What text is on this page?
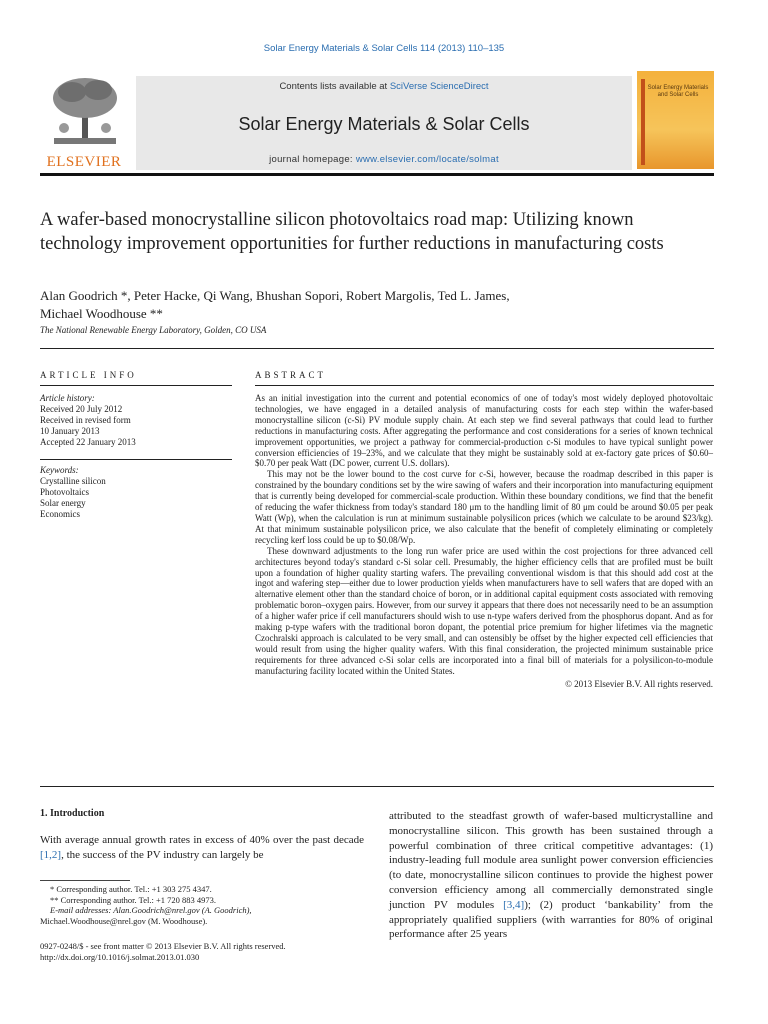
Solar Energy Materials & Solar Cells 114 (2013) 110–135
ELSEVIER
Contents lists available at SciVerse ScienceDirect
Solar Energy Materials & Solar Cells
journal homepage: www.elsevier.com/locate/solmat
Solar Energy Materials and Solar Cells
A wafer-based monocrystalline silicon photovoltaics road map: Utilizing known technology improvement opportunities for further reductions in manufacturing costs
Alan Goodrich *, Peter Hacke, Qi Wang, Bhushan Sopori, Robert Margolis, Ted L. James,
Michael Woodhouse **
The National Renewable Energy Laboratory, Golden, CO USA
ARTICLE INFO	ABSTRACT
Article history:
Received 20 July 2012
Received in revised form
10 January 2013
Accepted 22 January 2013
Keywords:
Crystalline silicon
Photovoltaics
Solar energy
Economics

As an initial investigation into the current and potential economics of one of today's most widely deployed photovoltaic technologies, we have engaged in a detailed analysis of manufacturing costs for each step within the wafer-based monocrystalline silicon (c-Si) PV module supply chain. At each step we find several pathways that could lead to further reductions in manufacturing costs. After aggregating the performance and cost considerations for a series of known technical improvement opportunities, we project a pathway for commercial-production c-Si modules to have typical sunlight power conversion efficiencies of 19–23%, and we calculate that they might be sustainably sold at ex-factory gate prices of $0.60–$0.70 per peak Watt (DC power, current U.S. dollars).

This may not be the lower bound to the cost curve for c-Si, however, because the roadmap described in this paper is constrained by the boundary conditions set by the wire sawing of wafers and their incorporation into manufacturing equipment that is currently being developed for commercial-scale production. Within these boundary conditions, we find that the benefit of reducing the wafer thickness from today's standard 180 μm to the handling limit of 80 μm could be around $0.05 per peak Watt (Wp), when the calculation is run at minimum sustainable polysilicon prices (which we calculate to be around $23/kg). At that minimum sustainable polysilicon price, we also calculate that the benefit of completely eliminating or completely recycling kerf loss could be up to $0.08/Wp.

These downward adjustments to the long run wafer price are used within the cost projections for three advanced cell architectures beyond today's standard c-Si solar cell. Presumably, the higher efficiency cells that are profiled must be built upon a foundation of higher quality starting wafers. The prevailing conventional wisdom is that this should add cost at the ingot and wafering step—either due to lower production yields when manufacturers have to sell wafers that are doped with an alternative element other than the standard choice of boron, or in additional capital equipment costs associated with removing problematic boron–oxygen pairs. However, from our survey it appears that there does not necessarily need to be an assumption of a higher wafer price if cell manufacturers should wish to use n-type wafers derived from the phosphorus dopant. And as for making p-type wafers with the traditional boron dopant, the potential price premium for higher lifetimes via the magnetic Czochralski approach is calculated to be very small, and can ostensibly be offset by the higher expected cell efficiencies that would result from using the higher quality wafers. With this final consideration, the projected minimum sustainable price requirements for three advanced c-Si solar cells are incorporated into a final bill of materials for a polysilicon-to-module manufacturing facility located within the United States.

© 2013 Elsevier B.V. All rights reserved.
1. Introduction
With average annual growth rates in excess of 40% over the past decade [1,2], the success of the PV industry can largely be
attributed to the steadfast growth of wafer-based multicrystalline and monocrystalline silicon. This growth has been sustained through a powerful combination of three critical competitive advantages: (1) industry-leading full module area sunlight power conversion efficiencies (to date, monocrystalline silicon continues to provide the highest power conversion efficiency among all commercially demonstrated single junction PV modules [3,4]); (2) product ‘bankability’ from the appropriately qualified suppliers (with warranties for 80% of original performance after 25 years
* Corresponding author. Tel.: +1 303 275 4347.
** Corresponding author. Tel.: +1 720 883 4973.
E-mail addresses: Alan.Goodrich@nrel.gov (A. Goodrich),
Michael.Woodhouse@nrel.gov (M. Woodhouse).
0927-0248/$ - see front matter © 2013 Elsevier B.V. All rights reserved.
http://dx.doi.org/10.1016/j.solmat.2013.01.030
